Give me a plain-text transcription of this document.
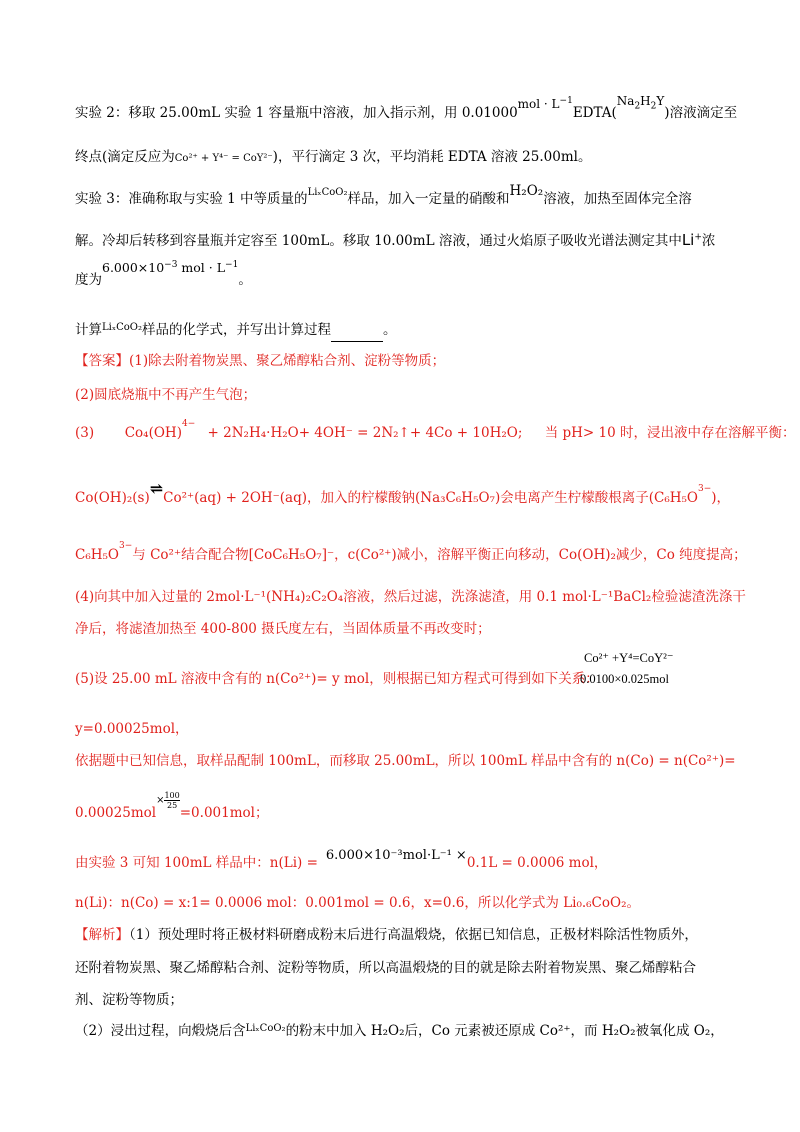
实验 2：移取 25.00mL 实验 1 容量瓶中溶液，加入指示剂，用 $0.01000mol \cdot L^{-1}EDTA(Na_2H_2Y)$溶液滴定至
终点(滴定反应为Co²⁺ + Y⁴⁻ = CoY²⁻)，平行滴定 3 次，平均消耗 EDTA 溶液 25.00ml。
实验 3：准确称取与实验 1 中等质量的$^{Li_xCoO_2}$样品，加入一定量的硝酸和H₂O₂溶液，加热至固体完全溶
解。冷却后转移到容量瓶并定容至 100mL。移取 10.00mL 溶液，通过火焰原子吸收光谱法测定其中Li+浓
度为$6.000\times 10^{-3}$ mol · $L^{-1}$。
计算$^{Li_xCoO_2}$样品的化学式，并写出计算过程	。
【答案】(1)除去附着物炭黑、聚乙烯醇粘合剂、淀粉等物质；
(2)圆底烧瓶中不再产生气泡；
(3) Co₄(OH)$^{4-}$ + 2N₂H₄·H₂O+ 4OH⁻ = 2N₂↑+ 4Co + 10H₂O; 当 pH> 10 时，浸出液中存在溶解平衡：
Co(OH)₂(s)⇌Co²⁺(aq) + 2OH⁻(aq)，加入的柠檬酸钠(Na₃C₆H₅O₇)会电离产生柠檬酸根离子$(C_6H_5O^{3-})$，
$C_6H_5O^{3-}$与 Co²⁺结合配合物[CoC₆H₅O₇]⁻，c(Co²⁺)减小，溶解平衡正向移动，Co(OH)₂减少，Co 纯度提高；
(4)向其中加入过量的 2mol·L⁻¹(NH₄)₂C₂O₄溶液，然后过滤，洗涤滤渣，用 0.1 mol·L⁻¹BaCl₂检验滤渣洗涤干
净后，将滤渣加热至 400-800 摄氏度左右，当固体质量不再改变时；
Co²⁺ +Y⁴=CoY²⁻
(5)设 25.00 mL 溶液中含有的 n(Co²⁺)= y mol，则根据已知方程式可得到如下关系：
0.0100×0.025mol
y=0.00025mol，
依据题中已知信息，取样品配制 100mL，而移取 25.00mL，所以 100mL 样品中含有的 n(Co) = n(Co²⁺)=
0.00025mol$^{\times \frac{100}{25}}$
=0.001mol；
由实验 3 可知 100mL 样品中：n(Li) = 6.000×10⁻³mol·L⁻¹ ×0.1L = 0.0006 mol，
n(Li)：n(Co) = x:1= 0.0006 mol：0.001mol = 0.6，x=0.6，所以化学式为 Li₀.₆CoO₂。
【解析】（1）预处理时将正极材料研磨成粉末后进行高温煅烧，依据已知信息，正极材料除活性物质外，
还附着物炭黑、聚乙烯醇粘合剂、淀粉等物质，所以高温煅烧的目的就是除去附着物炭黑、聚乙烯醇粘合
剂、淀粉等物质；
（2）浸出过程，向煅烧后含$^{Li_xCoO_2}$的粉末中加入 H₂O₂后，Co 元素被还原成 Co²⁺，而 H₂O₂被氧化成 O₂，
